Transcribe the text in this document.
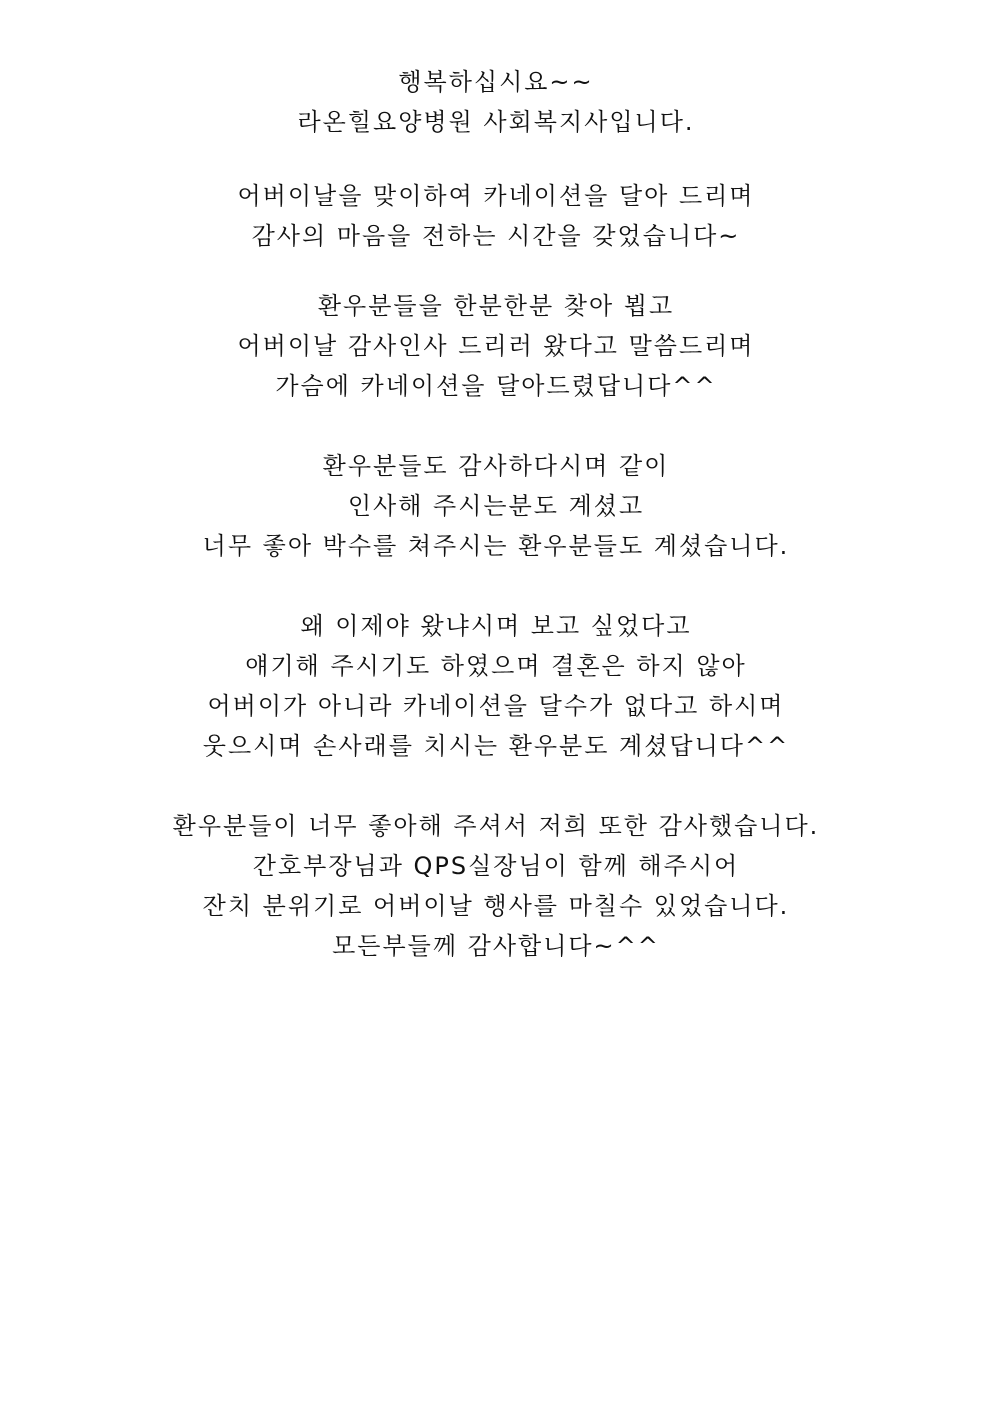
행복하십시요~~
라온힐요양병원 사회복지사입니다.
어버이날을 맞이하여 카네이션을 달아 드리며
감사의 마음을 전하는 시간을 갖었습니다~
환우분들을 한분한분 찾아 뵙고
어버이날 감사인사 드리러 왔다고 말씀드리며
가슴에 카네이션을 달아드렸답니다^^
환우분들도 감사하다시며 같이
인사해 주시는분도 계셨고
너무 좋아 박수를 쳐주시는 환우분들도 계셨습니다.
왜 이제야 왔냐시며 보고 싶었다고
얘기해 주시기도 하였으며 결혼은 하지 않아
어버이가 아니라 카네이션을 달수가 없다고 하시며
웃으시며 손사래를 치시는 환우분도 계셨답니다^^
환우분들이 너무 좋아해 주셔서 저희 또한 감사했습니다.
간호부장님과 QPS실장님이 함께 해주시어
잔치 분위기로 어버이날 행사를 마칠수 있었습니다.
모든부들께 감사합니다~^^
